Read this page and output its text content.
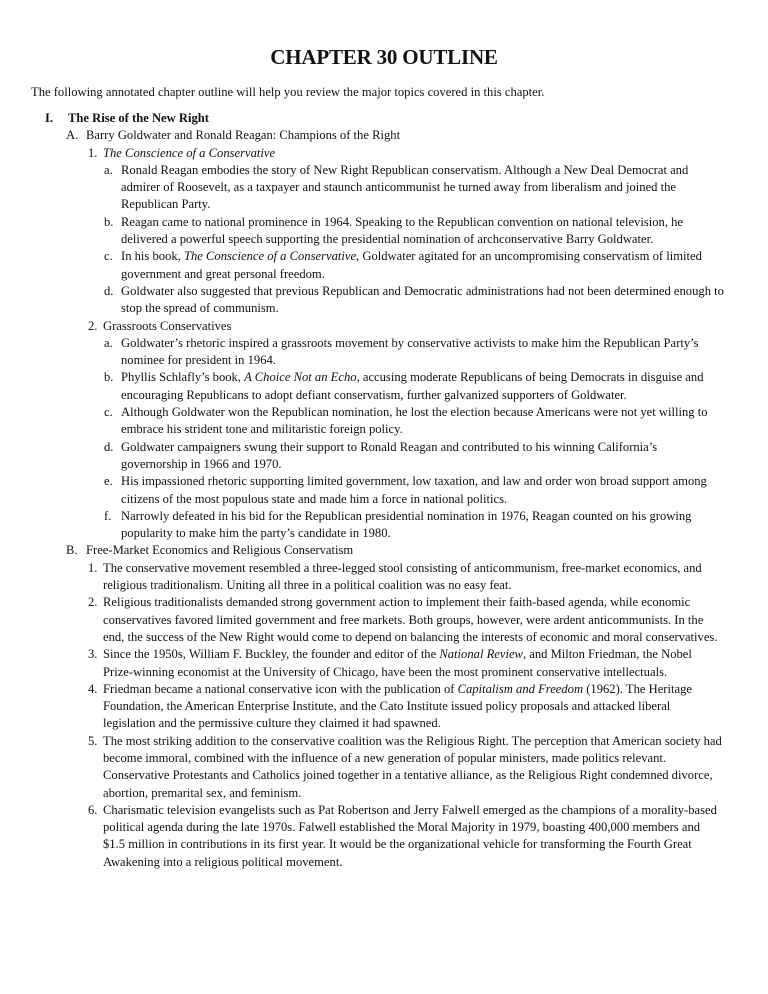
CHAPTER 30 OUTLINE
The following annotated chapter outline will help you review the major topics covered in this chapter.
I. The Rise of the New Right
A. Barry Goldwater and Ronald Reagan: Champions of the Right
1. The Conscience of a Conservative
a. Ronald Reagan embodies the story of New Right Republican conservatism. Although a New Deal Democrat and admirer of Roosevelt, as a taxpayer and staunch anticommunist he turned away from liberalism and joined the Republican Party.
b. Reagan came to national prominence in 1964. Speaking to the Republican convention on national television, he delivered a powerful speech supporting the presidential nomination of archconservative Barry Goldwater.
c. In his book, The Conscience of a Conservative, Goldwater agitated for an uncompromising conservatism of limited government and great personal freedom.
d. Goldwater also suggested that previous Republican and Democratic administrations had not been determined enough to stop the spread of communism.
2. Grassroots Conservatives
a. Goldwater’s rhetoric inspired a grassroots movement by conservative activists to make him the Republican Party’s nominee for president in 1964.
b. Phyllis Schlafly’s book, A Choice Not an Echo, accusing moderate Republicans of being Democrats in disguise and encouraging Republicans to adopt defiant conservatism, further galvanized supporters of Goldwater.
c. Although Goldwater won the Republican nomination, he lost the election because Americans were not yet willing to embrace his strident tone and militaristic foreign policy.
d. Goldwater campaigners swung their support to Ronald Reagan and contributed to his winning California’s governorship in 1966 and 1970.
e. His impassioned rhetoric supporting limited government, low taxation, and law and order won broad support among citizens of the most populous state and made him a force in national politics.
f. Narrowly defeated in his bid for the Republican presidential nomination in 1976, Reagan counted on his growing popularity to make him the party’s candidate in 1980.
B. Free-Market Economics and Religious Conservatism
1. The conservative movement resembled a three-legged stool consisting of anticommunism, free-market economics, and religious traditionalism. Uniting all three in a political coalition was no easy feat.
2. Religious traditionalists demanded strong government action to implement their faith-based agenda, while economic conservatives favored limited government and free markets. Both groups, however, were ardent anticommunists. In the end, the success of the New Right would come to depend on balancing the interests of economic and moral conservatives.
3. Since the 1950s, William F. Buckley, the founder and editor of the National Review, and Milton Friedman, the Nobel Prize-winning economist at the University of Chicago, have been the most prominent conservative intellectuals.
4. Friedman became a national conservative icon with the publication of Capitalism and Freedom (1962). The Heritage Foundation, the American Enterprise Institute, and the Cato Institute issued policy proposals and attacked liberal legislation and the permissive culture they claimed it had spawned.
5. The most striking addition to the conservative coalition was the Religious Right. The perception that American society had become immoral, combined with the influence of a new generation of popular ministers, made politics relevant. Conservative Protestants and Catholics joined together in a tentative alliance, as the Religious Right condemned divorce, abortion, premarital sex, and feminism.
6. Charismatic television evangelists such as Pat Robertson and Jerry Falwell emerged as the champions of a morality-based political agenda during the late 1970s. Falwell established the Moral Majority in 1979, boasting 400,000 members and $1.5 million in contributions in its first year. It would be the organizational vehicle for transforming the Fourth Great Awakening into a religious political movement.
